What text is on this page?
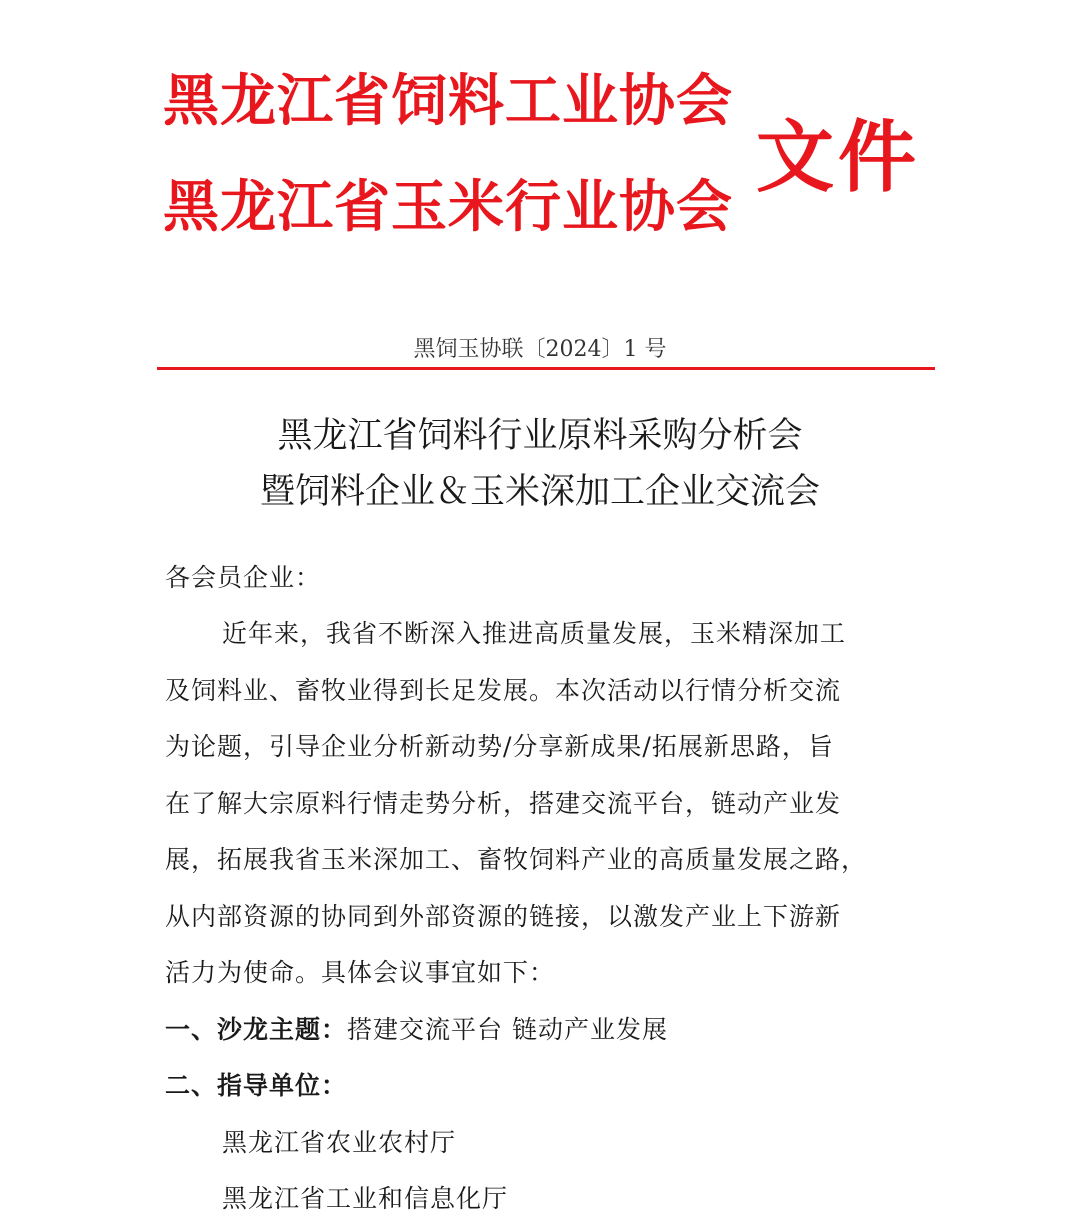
黑龙江省饲料工业协会
黑龙江省玉米行业协会
文件
黑饲玉协联〔2024〕1 号
黑龙江省饲料行业原料采购分析会
暨饲料企业＆玉米深加工企业交流会
各会员企业：
近年来，我省不断深入推进高质量发展，玉米精深加工
及饲料业、畜牧业得到长足发展。本次活动以行情分析交流
为论题，引导企业分析新动势/分享新成果/拓展新思路，旨
在了解大宗原料行情走势分析，搭建交流平台，链动产业发
展，拓展我省玉米深加工、畜牧饲料产业的高质量发展之路，
从内部资源的协同到外部资源的链接，以激发产业上下游新
活力为使命。具体会议事宜如下：
一、沙龙主题：搭建交流平台 链动产业发展
二、指导单位：
黑龙江省农业农村厅
黑龙江省工业和信息化厅
